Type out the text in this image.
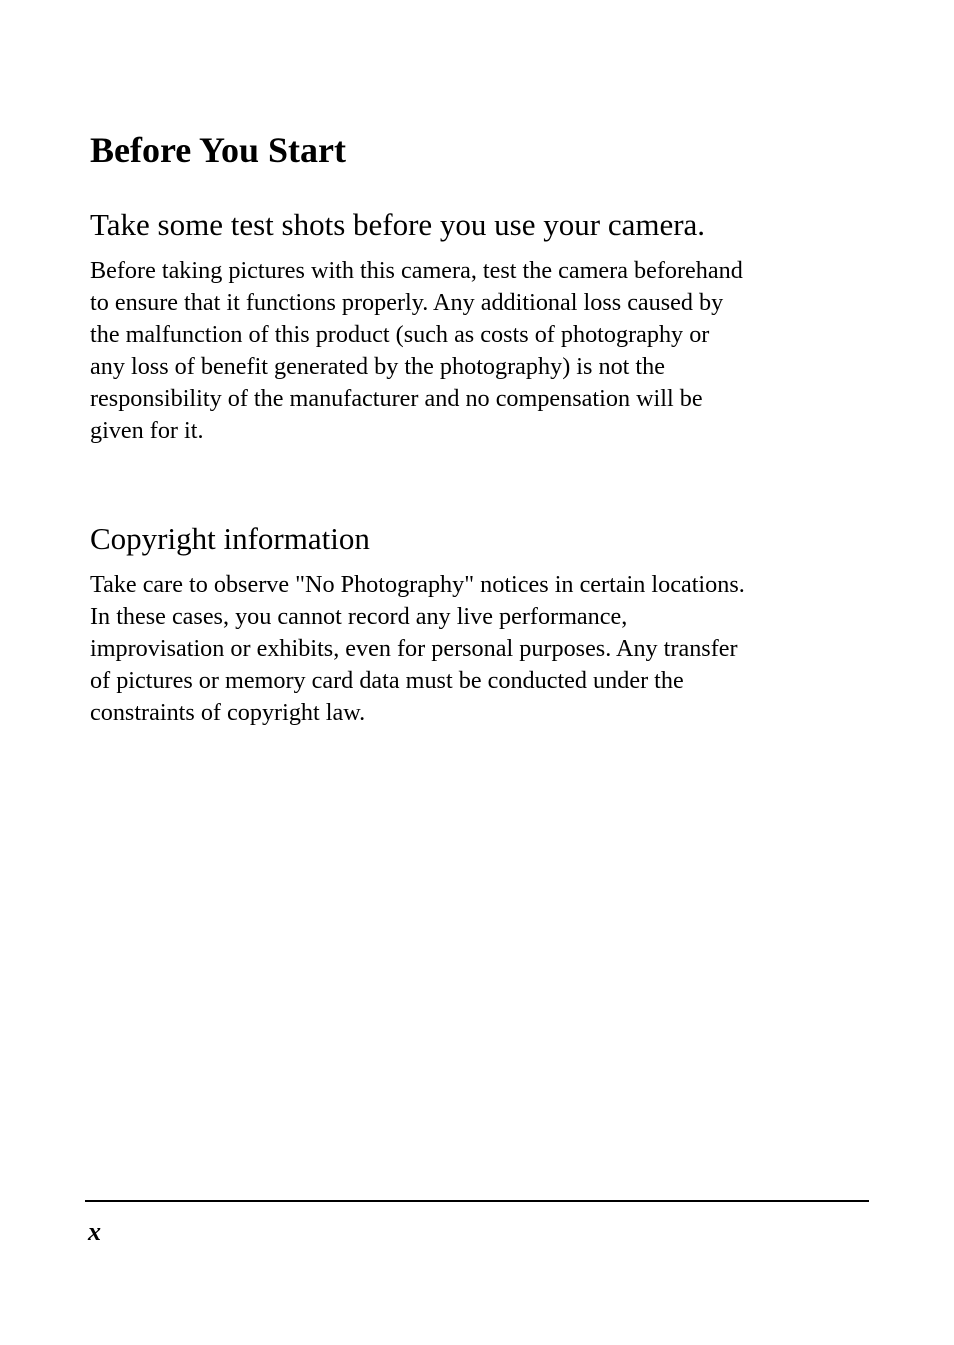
Before You Start
Take some test shots before you use your camera.

Before taking pictures with this camera, test the camera beforehand
to ensure that it functions properly. Any additional loss caused by
the malfunction of this product (such as costs of photography or
any loss of benefit generated by the photography) is not the
responsibility of the manufacturer and no compensation will be
given for it.

Copyright information

Take care to observe "No Photography" notices in certain locations.
In these cases, you cannot record any live performance,
improvisation or exhibits, even for personal purposes. Any transfer
of pictures or memory card data must be conducted under the
constraints of copyright law.

x
